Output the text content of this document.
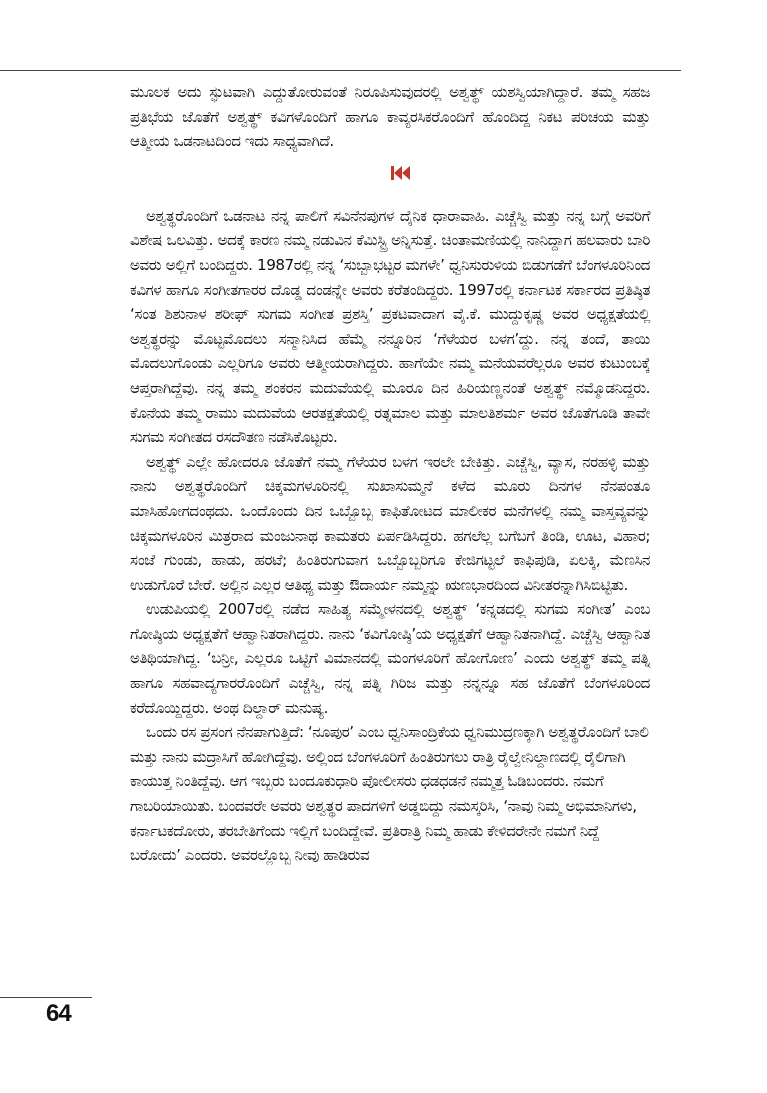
ಮೂಲಕ ಅದು ಸ್ಫುಟವಾಗಿ ಎದ್ದುತೋರುವಂತೆ ನಿರೂಪಿಸುವುದರಲ್ಲಿ ಅಶ್ವತ್ಥ್ ಯಶಸ್ವಿಯಾಗಿದ್ದಾರೆ. ತಮ್ಮ ಸಹಜ ಪ್ರತಿಭೆಯ ಜೊತೆಗೆ ಅಶ್ವತ್ಥ್ ಕವಿಗಳೊಂದಿಗೆ ಹಾಗೂ ಕಾವ್ಯರಸಿಕರೊಂದಿಗೆ ಹೊಂದಿದ್ದ ನಿಕಟ ಪರಿಚಯ ಮತ್ತು ಆತ್ಮೀಯ ಒಡನಾಟದಿಂದ ಇದು ಸಾಧ್ಯವಾಗಿದೆ.

ಅಶ್ವತ್ಥರೊಂದಿಗೆ ಒಡನಾಟ ನನ್ನ ಪಾಲಿಗೆ ಸವಿನೆನಪುಗಳ ದೈನಿಕ ಧಾರಾವಾಹಿ. ಎಚ್ಚೆಸ್ವಿ ಮತ್ತು ನನ್ನ ಬಗ್ಗೆ ಅವರಿಗೆ ವಿಶೇಷ ಒಲವಿತ್ತು. ಅದಕ್ಕೆ ಕಾರಣ ನಮ್ಮ ನಡುವಿನ ಕೆಮಿಸ್ಟ್ರಿ ಅನ್ನಿಸುತ್ತೆ. ಚಿಂತಾಮಣಿಯಲ್ಲಿ ನಾನಿದ್ದಾಗ ಹಲವಾರು ಬಾರಿ ಅವರು ಅಲ್ಲಿಗೆ ಬಂದಿದ್ದರು. 1987ರಲ್ಲಿ ನನ್ನ ‘ಸುಬ್ಬಾಭಟ್ಟರ ಮಗಳೇ’ ಧ್ವನಿಸುರುಳಿಯ ಬಿಡುಗಡೆಗೆ ಬೆಂಗಳೂರಿನಿಂದ ಕವಿಗಳ ಹಾಗೂ ಸಂಗೀತಗಾರರ ದೊಡ್ಡ ದಂಡನ್ನೇ ಅವರು ಕರೆತಂದಿದ್ದರು. 1997ರಲ್ಲಿ ಕರ್ನಾಟಕ ಸರ್ಕಾರದ ಪ್ರತಿಷ್ಠಿತ ‘ಸಂತ ಶಿಶುನಾಳ ಶರೀಫ್ ಸುಗಮ ಸಂಗೀತ ಪ್ರಶಸ್ತಿ’ ಪ್ರಕಟವಾದಾಗ ವೈ.ಕೆ. ಮುದ್ದುಕೃಷ್ಣ ಅವರ ಅಧ್ಯಕ್ಷತೆಯಲ್ಲಿ ಅಶ್ವತ್ಥರನ್ನು ಮೊಟ್ಟಮೊದಲು ಸನ್ಮಾನಿಸಿದ ಹೆಮ್ಮೆ ನನ್ನೂರಿನ ‘ಗೆಳೆಯರ ಬಳಗ’ದ್ದು. ನನ್ನ ತಂದೆ, ತಾಯಿ ಮೊದಲುಗೊಂಡು ಎಲ್ಲರಿಗೂ ಅವರು ಆತ್ಮೀಯರಾಗಿದ್ದರು. ಹಾಗೆಯೇ ನಮ್ಮ ಮನೆಯವರೆಲ್ಲರೂ ಅವರ ಕುಟುಂಬಕ್ಕೆ ಆಪ್ತರಾಗಿದ್ದೆವು. ನನ್ನ ತಮ್ಮ ಶಂಕರನ ಮದುವೆಯಲ್ಲಿ ಮೂರೂ ದಿನ ಹಿರಿಯಣ್ಣನಂತೆ ಅಶ್ವತ್ಥ್ ನಮ್ಮೊಡನಿದ್ದರು. ಕೊನೆಯ ತಮ್ಮ ರಾಮು ಮದುವೆಯ ಆರತಕ್ಷತೆಯಲ್ಲಿ ರತ್ನಮಾಲ ಮತ್ತು ಮಾಲತಿಶರ್ಮ ಅವರ ಜೊತೆಗೂಡಿ ತಾವೇ ಸುಗಮ ಸಂಗೀತದ ರಸದೌತಣ ನಡೆಸಿಕೊಟ್ಟರು.

ಅಶ್ವತ್ಥ್ ಎಲ್ಲೇ ಹೋದರೂ ಜೊತೆಗೆ ನಮ್ಮ ಗೆಳೆಯರ ಬಳಗ ಇರಲೇ ಬೇಕಿತ್ತು. ಎಚ್ಚೆಸ್ವಿ, ವ್ಯಾಸ, ನರಹಳ್ಳಿ ಮತ್ತು ನಾನು ಅಶ್ವತ್ಥರೊಂದಿಗೆ ಚಿಕ್ಕಮಗಳೂರಿನಲ್ಲಿ ಸುಖಾಸುಮ್ಮನೆ ಕಳೆದ ಮೂರು ದಿನಗಳ ನೆನಪಂತೂ ಮಾಸಿಹೋಗದಂಥದು. ಒಂದೊಂದು ದಿನ ಒಬ್ಬೊಬ್ಬ ಕಾಫಿತೋಟದ ಮಾಲೀಕರ ಮನೆಗಳಲ್ಲಿ ನಮ್ಮ ವಾಸ್ತವ್ಯವನ್ನು ಚಿಕ್ಕಮಗಳೂರಿನ ಮಿತ್ರರಾದ ಮಂಜುನಾಥ ಕಾಮತರು ಏರ್ಪಡಿಸಿದ್ದರು. ಹಗಲೆಲ್ಲ ಬಗೆಬಗೆ ತಿಂಡಿ, ಊಟ, ವಿಹಾರ; ಸಂಜೆ ಗುಂಡು, ಹಾಡು, ಹರಟೆ; ಹಿಂತಿರುಗುವಾಗ ಒಬ್ಬೊಬ್ಬರಿಗೂ ಕೇಜಿಗಟ್ಟಲೆ ಕಾಫಿಪುಡಿ, ಏಲಕ್ಕಿ, ಮೆಣಸಿನ ಉಡುಗೊರೆ ಬೇರೆ. ಅಲ್ಲಿನ ಎಲ್ಲರ ಆತಿಥ್ಯ ಮತ್ತು ಔದಾರ್ಯ ನಮ್ಮನ್ನು ಋಣಭಾರದಿಂದ ವಿನೀತರನ್ನಾಗಿಸಿಬಿಟ್ಟಿತು.

ಉಡುಪಿಯಲ್ಲಿ 2007ರಲ್ಲಿ ನಡೆದ ಸಾಹಿತ್ಯ ಸಮ್ಮೇಳನದಲ್ಲಿ ಅಶ್ವತ್ಥ್ ‘ಕನ್ನಡದಲ್ಲಿ ಸುಗಮ ಸಂಗೀತ’ ಎಂಬ ಗೋಷ್ಠಿಯ ಅಧ್ಯಕ್ಷತೆಗೆ ಆಹ್ವಾನಿತರಾಗಿದ್ದರು. ನಾನು ‘ಕವಿಗೋಷ್ಠಿ’ಯ ಅಧ್ಯಕ್ಷತೆಗೆ ಆಹ್ವಾನಿತನಾಗಿದ್ದೆ. ಎಚ್ಚೆಸ್ವಿ ಆಹ್ವಾನಿತ ಅತಿಥಿಯಾಗಿದ್ದ. ‘ಬನ್ರೀ, ಎಲ್ಲರೂ ಒಟ್ಟಿಗೆ ವಿಮಾನದಲ್ಲಿ ಮಂಗಳೂರಿಗೆ ಹೋಗೋಣ’ ಎಂದು ಅಶ್ವತ್ಥ್ ತಮ್ಮ ಪತ್ನಿ ಹಾಗೂ ಸಹವಾದ್ಯಗಾರರೊಂದಿಗೆ ಎಚ್ಚೆಸ್ವಿ, ನನ್ನ ಪತ್ನಿ ಗಿರಿಜ ಮತ್ತು ನನ್ನನ್ನೂ ಸಹ ಜೊತೆಗೆ ಬೆಂಗಳೂರಿಂದ ಕರೆದೊಯ್ದಿದ್ದರು. ಅಂಥ ದಿಲ್ದಾರ್ ಮನುಷ್ಯ.

ಒಂದು ರಸ ಪ್ರಸಂಗ ನೆನಪಾಗುತ್ತಿದೆ: ‘ನೂಪುರ’ ಎಂಬ ಧ್ವನಿಸಾಂದ್ರಿಕೆಯ ಧ್ವನಿಮುದ್ರಣಕ್ಕಾಗಿ ಅಶ್ವತ್ಥರೊಂದಿಗೆ ಬಾಲಿ ಮತ್ತು ನಾನು ಮದ್ರಾಸಿಗೆ ಹೋಗಿದ್ದೆವು. ಅಲ್ಲಿಂದ ಬೆಂಗಳೂರಿಗೆ ಹಿಂತಿರುಗಲು ರಾತ್ರಿ ರೈಲ್ವೇನಿಲ್ದಾಣದಲ್ಲಿ ರೈಲಿಗಾಗಿ ಕಾಯುತ್ತ ನಿಂತಿದ್ದೆವು. ಆಗ ಇಬ್ಬರು ಬಂದೂಕುಧಾರಿ ಪೋಲೀಸರು ಧಡಧಡನೆ ನಮ್ಮತ್ತ ಓಡಿಬಂದರು. ನಮಗೆ ಗಾಬರಿಯಾಯಿತು. ಬಂದವರೇ ಅವರು ಅಶ್ವತ್ಥರ ಪಾದಗಳಿಗೆ ಅಡ್ಡಬಿದ್ದು ನಮಸ್ಕರಿಸಿ, ‘ನಾವು ನಿಮ್ಮ ಅಭಿಮಾನಿಗಳು, ಕರ್ನಾಟಕದೋರು, ತರಬೇತಿಗೆಂದು ಇಲ್ಲಿಗೆ ಬಂದಿದ್ದೇವೆ. ಪ್ರತಿರಾತ್ರಿ ನಿಮ್ಮ ಹಾಡು ಕೇಳಿದರೇನೇ ನಮಗೆ ನಿದ್ದೆ ಬರೋದು’ ಎಂದರು. ಅವರಲ್ಲೊಬ್ಬ ನೀವು ಹಾಡಿರುವ

64
